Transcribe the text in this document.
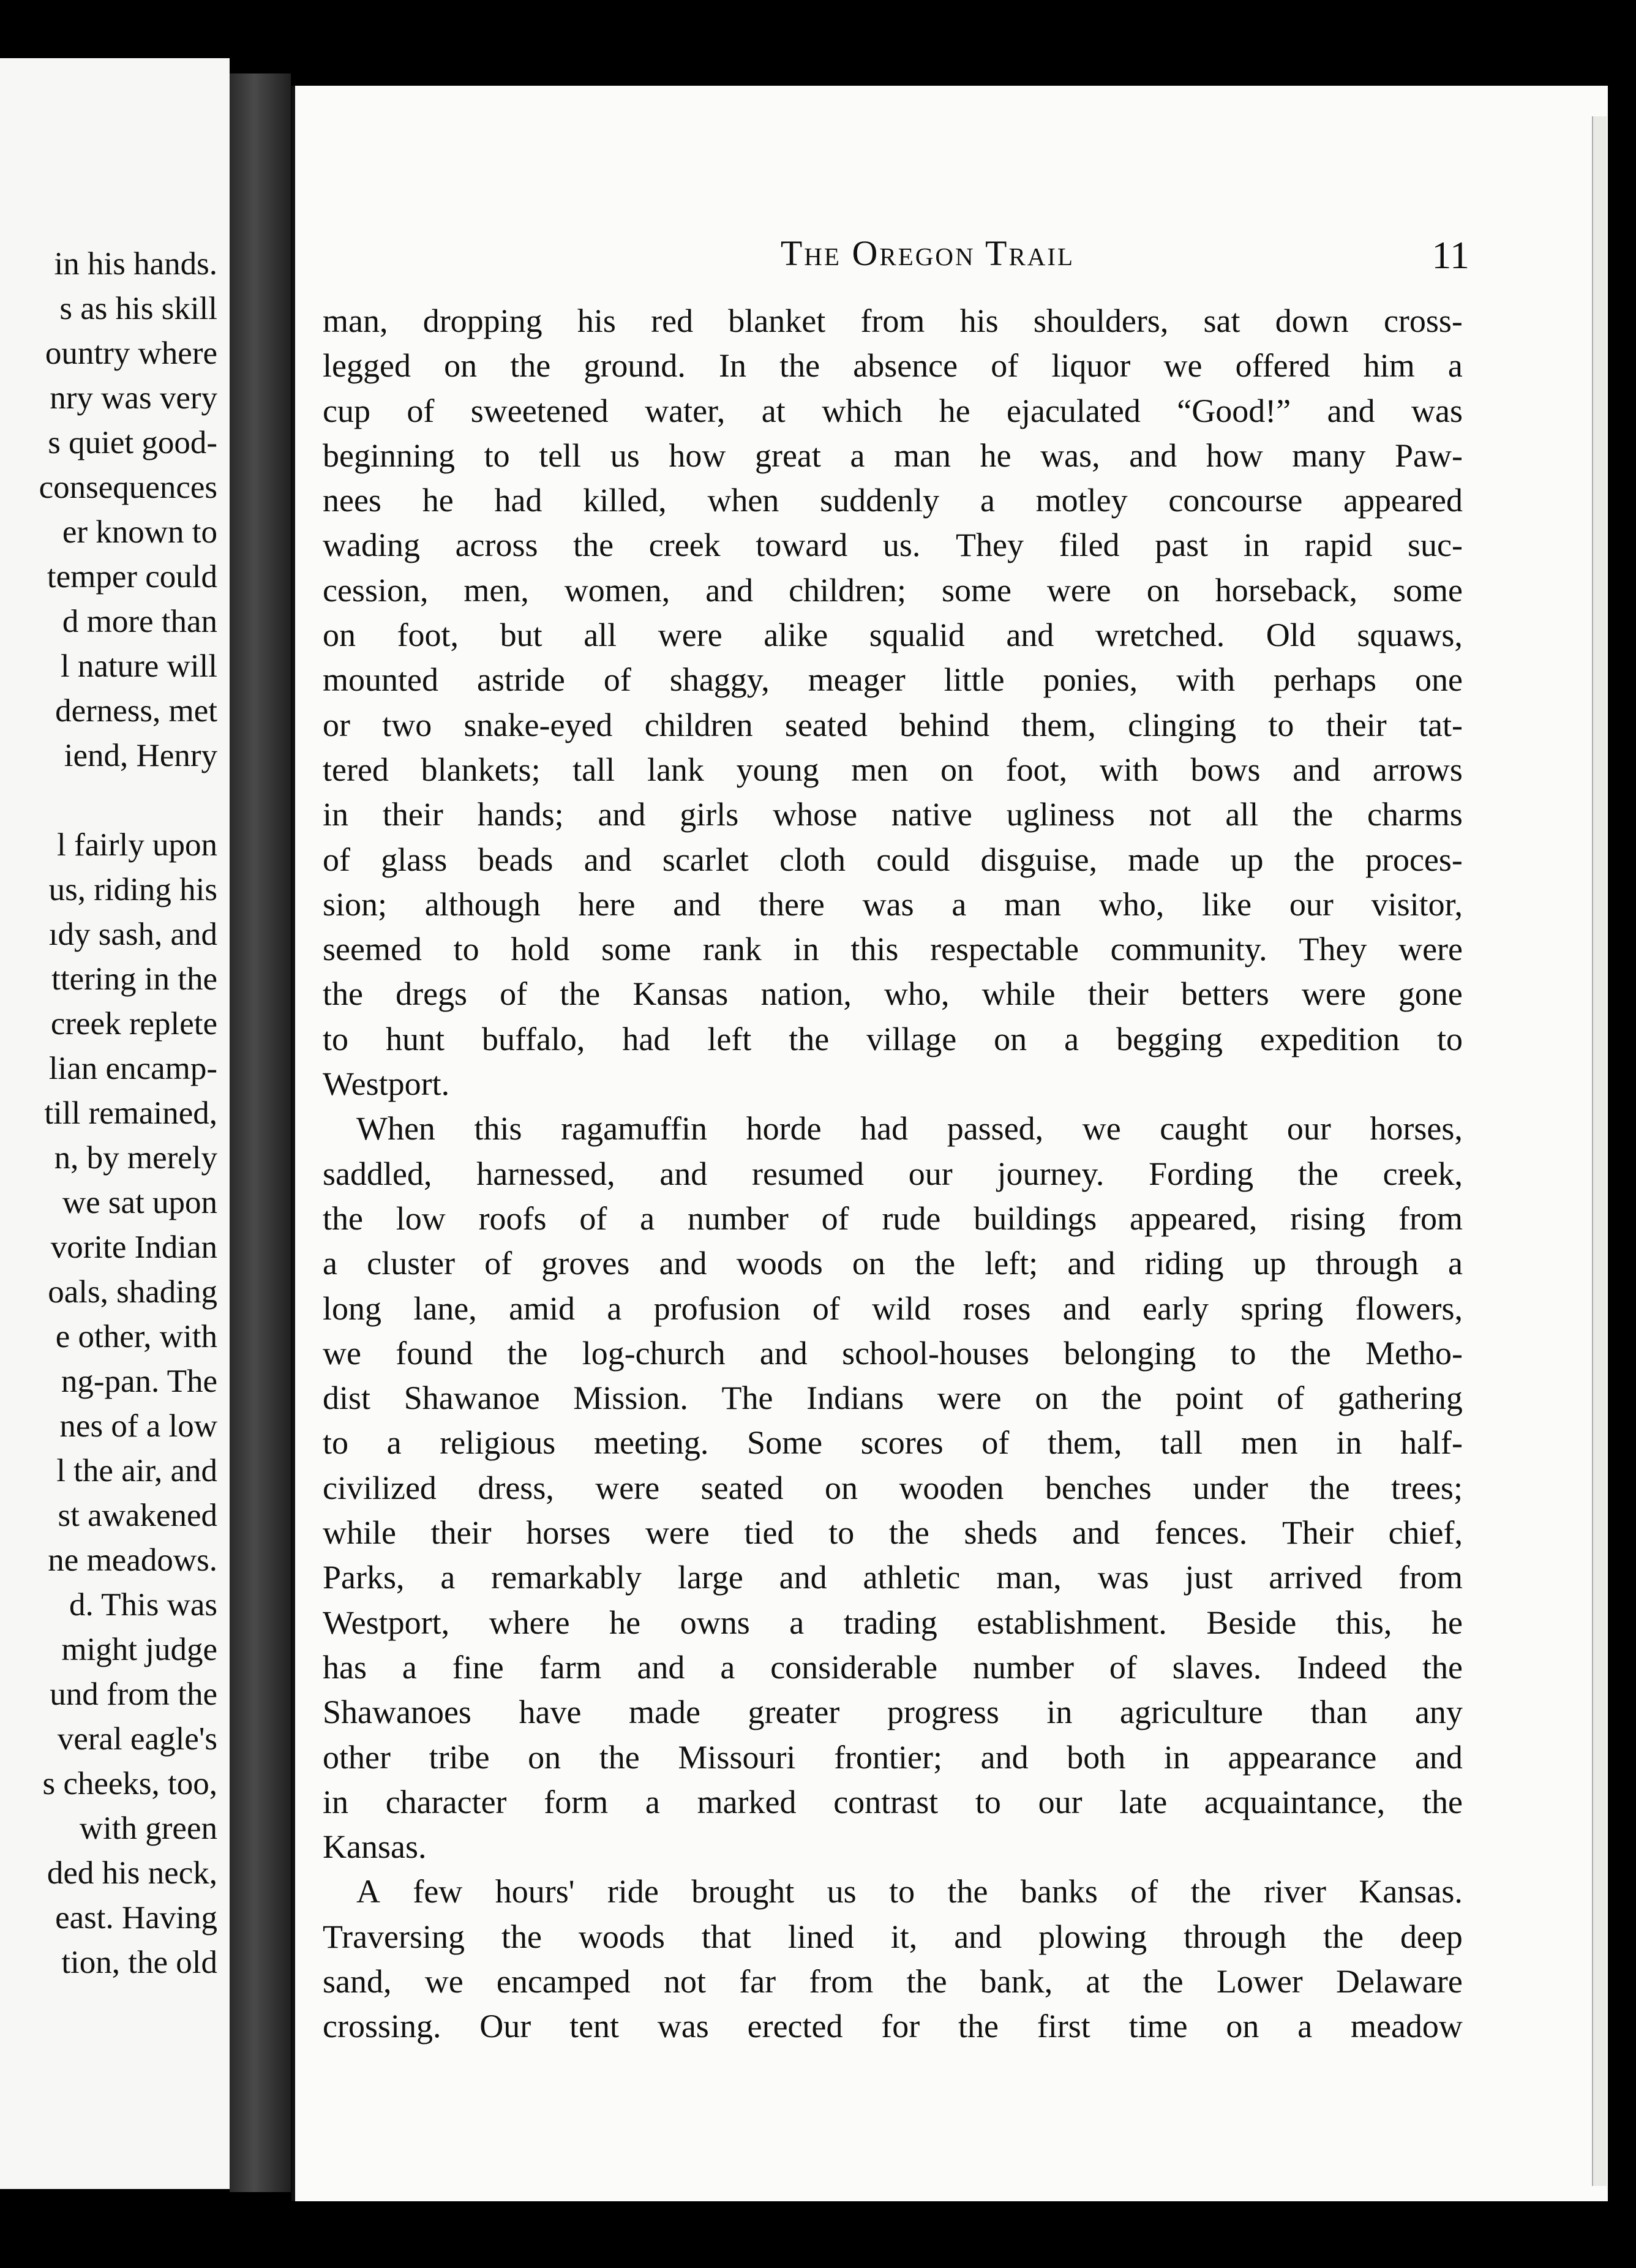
in his hands.
s as his skill
ountry where
nry was very
s quiet good-
consequences
er known to
temper could
d more than
l nature will
derness, met
iend, Henry
l fairly upon
us, riding his
ıdy sash, and
ttering in the
creek replete
lian encamp-
till remained,
n, by merely
we sat upon
vorite Indian
oals, shading
e other, with
ng-pan. The
nes of a low
l the air, and
st awakened
ne meadows.
d. This was
might judge
und from the
veral eagle's
s cheeks, too,
with green
ded his neck,
east. Having
tion, the old
The Oregon Trail	11
man, dropping his red blanket from his shoulders, sat down cross-
legged on the ground. In the absence of liquor we offered him a
cup of sweetened water, at which he ejaculated “Good!” and was
beginning to tell us how great a man he was, and how many Paw-
nees he had killed, when suddenly a motley concourse appeared
wading across the creek toward us. They filed past in rapid suc-
cession, men, women, and children; some were on horseback, some
on foot, but all were alike squalid and wretched. Old squaws,
mounted astride of shaggy, meager little ponies, with perhaps one
or two snake-eyed children seated behind them, clinging to their tat-
tered blankets; tall lank young men on foot, with bows and arrows
in their hands; and girls whose native ugliness not all the charms
of glass beads and scarlet cloth could disguise, made up the proces-
sion; although here and there was a man who, like our visitor,
seemed to hold some rank in this respectable community. They were
the dregs of the Kansas nation, who, while their betters were gone
to hunt buffalo, had left the village on a begging expedition to
Westport.
When this ragamuffin horde had passed, we caught our horses,
saddled, harnessed, and resumed our journey. Fording the creek,
the low roofs of a number of rude buildings appeared, rising from
a cluster of groves and woods on the left; and riding up through a
long lane, amid a profusion of wild roses and early spring flowers,
we found the log-church and school-houses belonging to the Metho-
dist Shawanoe Mission. The Indians were on the point of gathering
to a religious meeting. Some scores of them, tall men in half-
civilized dress, were seated on wooden benches under the trees;
while their horses were tied to the sheds and fences. Their chief,
Parks, a remarkably large and athletic man, was just arrived from
Westport, where he owns a trading establishment. Beside this, he
has a fine farm and a considerable number of slaves. Indeed the
Shawanoes have made greater progress in agriculture than any
other tribe on the Missouri frontier; and both in appearance and
in character form a marked contrast to our late acquaintance, the
Kansas.
A few hours' ride brought us to the banks of the river Kansas.
Traversing the woods that lined it, and plowing through the deep
sand, we encamped not far from the bank, at the Lower Delaware
crossing. Our tent was erected for the first time on a meadow
